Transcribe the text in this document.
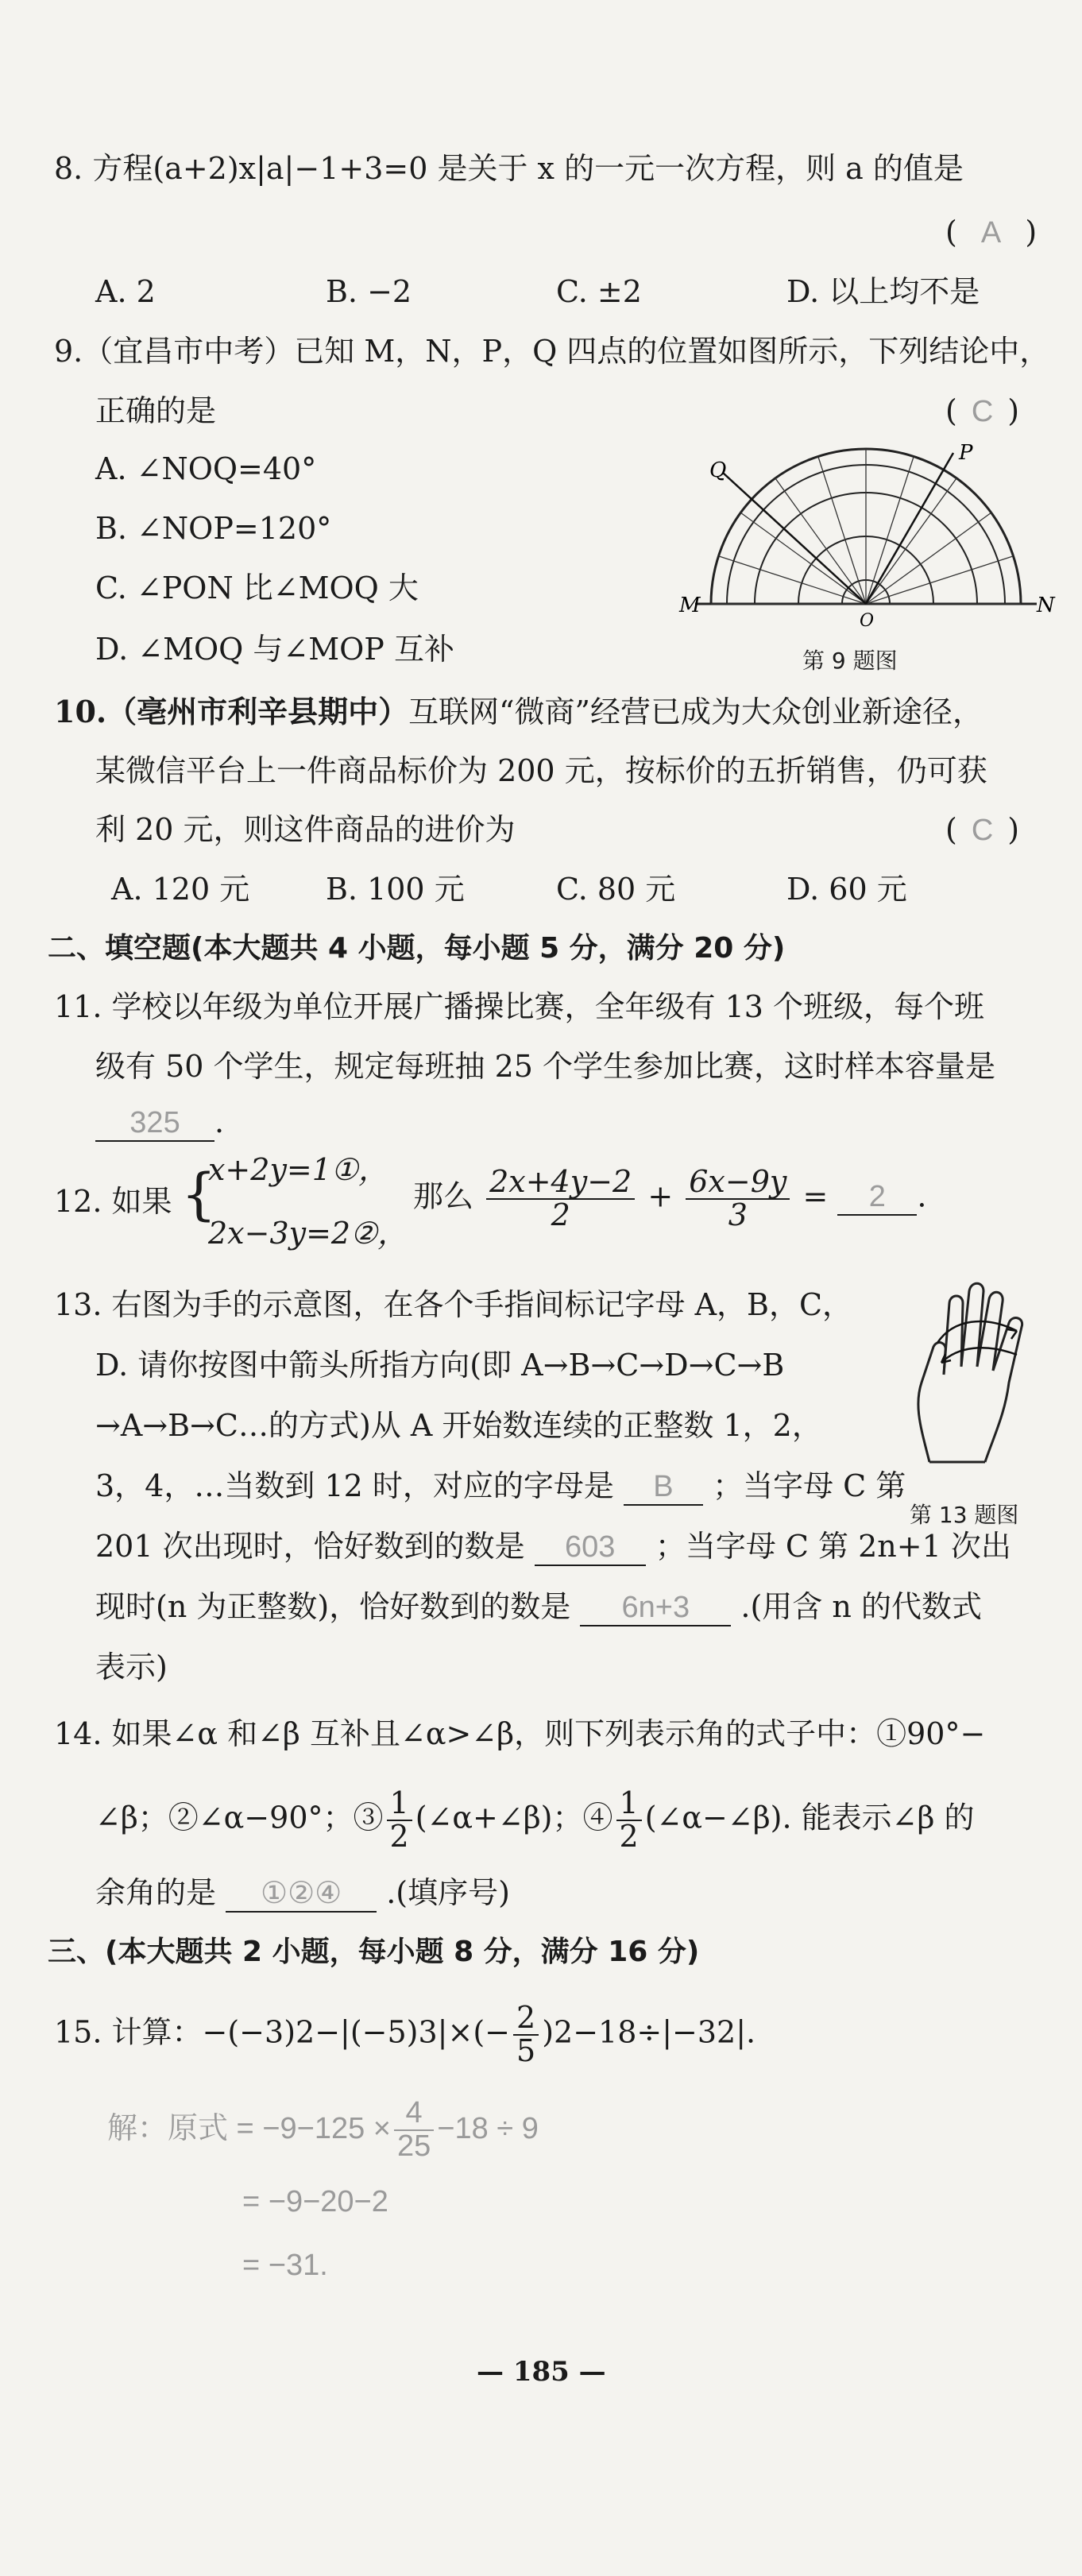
8. 方程(a+2)x|a|−1+3=0 是关于 x 的一元一次方程，则 a 的值是
( A )
A. 2	B. −2	C. ±2	D. 以上均不是
9.（宜昌市中考）已知 M，N，P，Q 四点的位置如图所示，下列结论中，
正确的是	( C )
A. ∠NOQ=40°
B. ∠NOP=120°
C. ∠PON 比∠MOQ 大
D. ∠MOQ 与∠MOP 互补
Q
P
M	N
O
第 9 题图
10.（亳州市利辛县期中）互联网“微商”经营已成为大众创业新途径，
某微信平台上一件商品标价为 200 元，按标价的五折销售，仍可获
利 20 元，则这件商品的进价为	( C )
A. 120 元	B. 100 元	C. 80 元	D. 60 元
二、填空题(本大题共 4 小题，每小题 5 分，满分 20 分)
11. 学校以年级为单位开展广播操比赛，全年级有 13 个班级，每个班
级有 50 个学生，规定每班抽 25 个学生参加比赛，这时样本容量是
325 .
12. 如果 {
x+2y=1①，
2x−3y=2②，
那么 $\frac{2x+4y-2}{2} + \frac{6x-9y}{3} = 2$ .
13. 右图为手的示意图，在各个手指间标记字母 A，B，C，
D. 请你按图中箭头所指方向(即 A→B→C→D→C→B
→A→B→C…的方式)从 A 开始数连续的正整数 1，2，
3，4，…当数到 12 时，对应的字母是 B ；当字母 C 第
201 次出现时，恰好数到的数是 603 ；当字母 C 第 2n+1 次出
现时(n 为正整数)，恰好数到的数是 6n+3 .(用含 n 的代数式
表示)
第 13 题图
14. 如果∠α 和∠β 互补且∠α>∠β，则下列表示角的式子中：①90°−
∠β；②∠α−90°；③ $\frac{1}{2}$ (∠α+∠β)；④ $\frac{1}{2}$ (∠α−∠β). 能表示∠β 的
余角的是 ①②④ .(填序号)
三、(本大题共 2 小题，每小题 8 分，满分 16 分)
15. 计算：$-(-3)2-|(-5)3|\times(- \frac{2}{5} )2-18\div|-32|$.
解：原式 = $-9-125 \times \frac{4}{25} -18 \div 9$
= −9−20−2
= −31.
— 185 —
